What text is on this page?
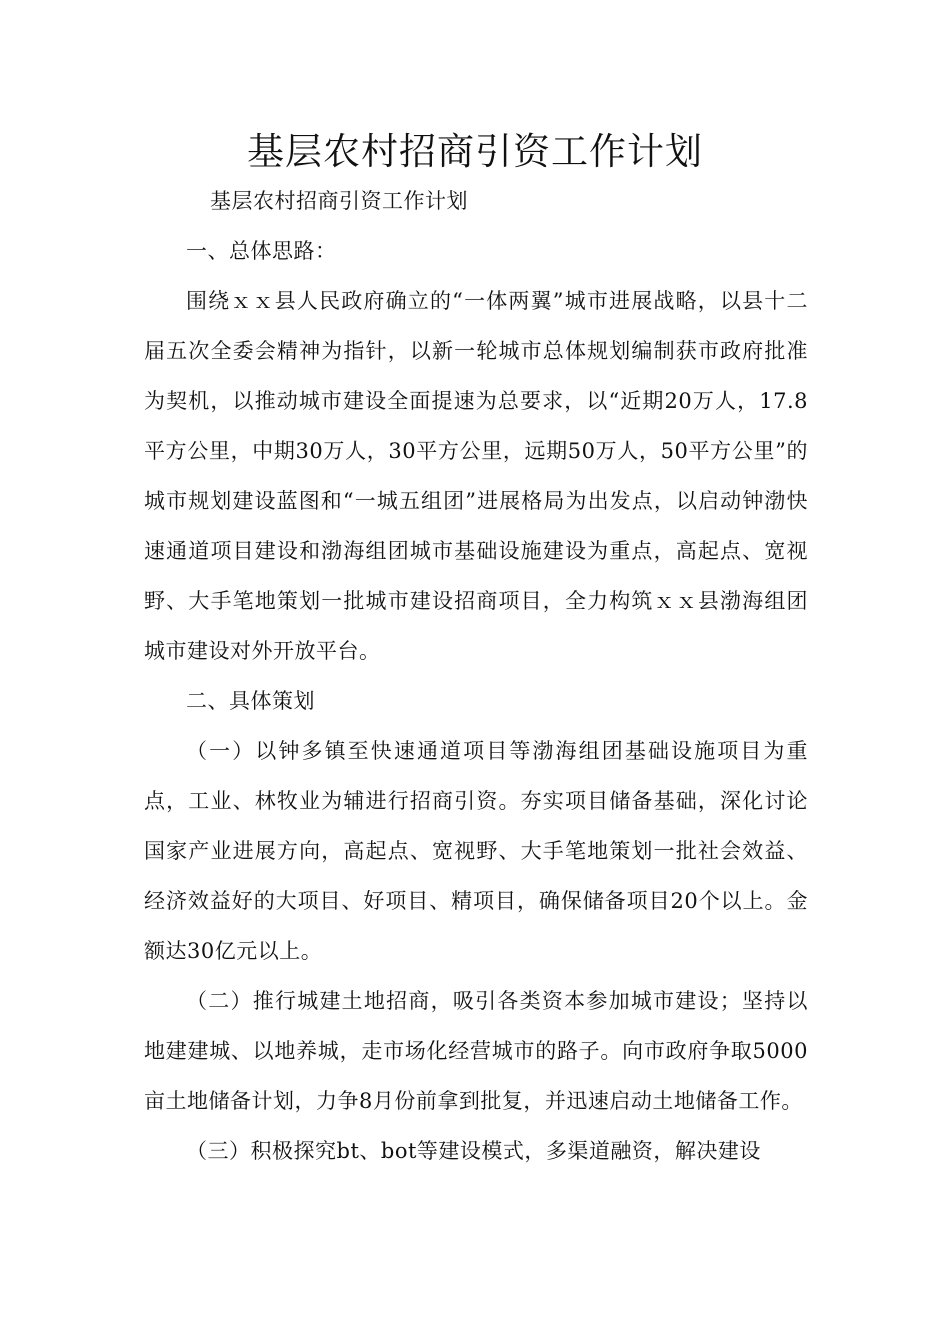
基层农村招商引资工作计划

基层农村招商引资工作计划

一、总体思路：

围绕ｘｘ县人民政府确立的“一体两翼”城市进展战略，以县十二届五次全委会精神为指针，以新一轮城市总体规划编制获市政府批准为契机，以推动城市建设全面提速为总要求，以“近期20万人，17.8平方公里，中期30万人，30平方公里，远期50万人，50平方公里”的城市规划建设蓝图和“一城五组团”进展格局为出发点，以启动钟渤快速通道项目建设和渤海组团城市基础设施建设为重点，高起点、宽视野、大手笔地策划一批城市建设招商项目，全力构筑ｘｘ县渤海组团城市建设对外开放平台。

二、具体策划

（一）以钟多镇至快速通道项目等渤海组团基础设施项目为重点，工业、林牧业为辅进行招商引资。夯实项目储备基础，深化讨论国家产业进展方向，高起点、宽视野、大手笔地策划一批社会效益、经济效益好的大项目、好项目、精项目，确保储备项目20个以上。金额达30亿元以上。

（二）推行城建土地招商，吸引各类资本参加城市建设；坚持以地建建城、以地养城，走市场化经营城市的路子。向市政府争取5000亩土地储备计划，力争8月份前拿到批复，并迅速启动土地储备工作。

（三）积极探究bt、bot等建设模式，多渠道融资，解决建设
